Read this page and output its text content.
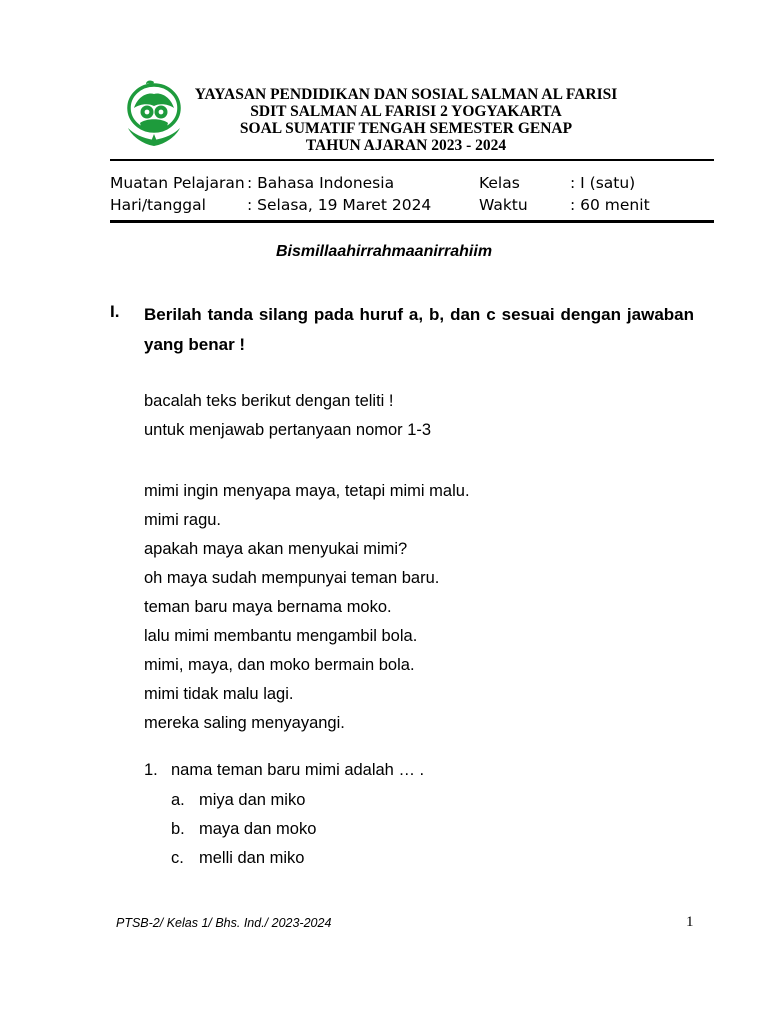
YAYASAN PENDIDIKAN DAN SOSIAL SALMAN AL FARISI
SDIT SALMAN AL FARISI 2 YOGYAKARTA
SOAL SUMATIF TENGAH SEMESTER GENAP
TAHUN AJARAN 2023 - 2024
Muatan Pelajaran : Bahasa Indonesia	Kelas	: I (satu)
Hari/tanggal	: Selasa, 19 Maret 2024	Waktu	: 60 menit
Bismillaahirrahmaanirrahiim
I. Berilah tanda silang pada huruf a, b, dan c sesuai dengan jawaban yang benar !
bacalah teks berikut dengan teliti !
untuk menjawab pertanyaan nomor 1-3
mimi ingin menyapa maya, tetapi mimi malu.
mimi ragu.
apakah maya akan menyukai mimi?
oh maya sudah mempunyai teman baru.
teman baru maya bernama moko.
lalu mimi membantu mengambil bola.
mimi, maya, dan moko bermain bola.
mimi tidak malu lagi.
mereka saling menyayangi.
1. nama teman baru mimi adalah … .
a. miya dan miko
b. maya dan moko
c. melli dan miko
PTSB-2/ Kelas 1/ Bhs. Ind./ 2023-2024	1
